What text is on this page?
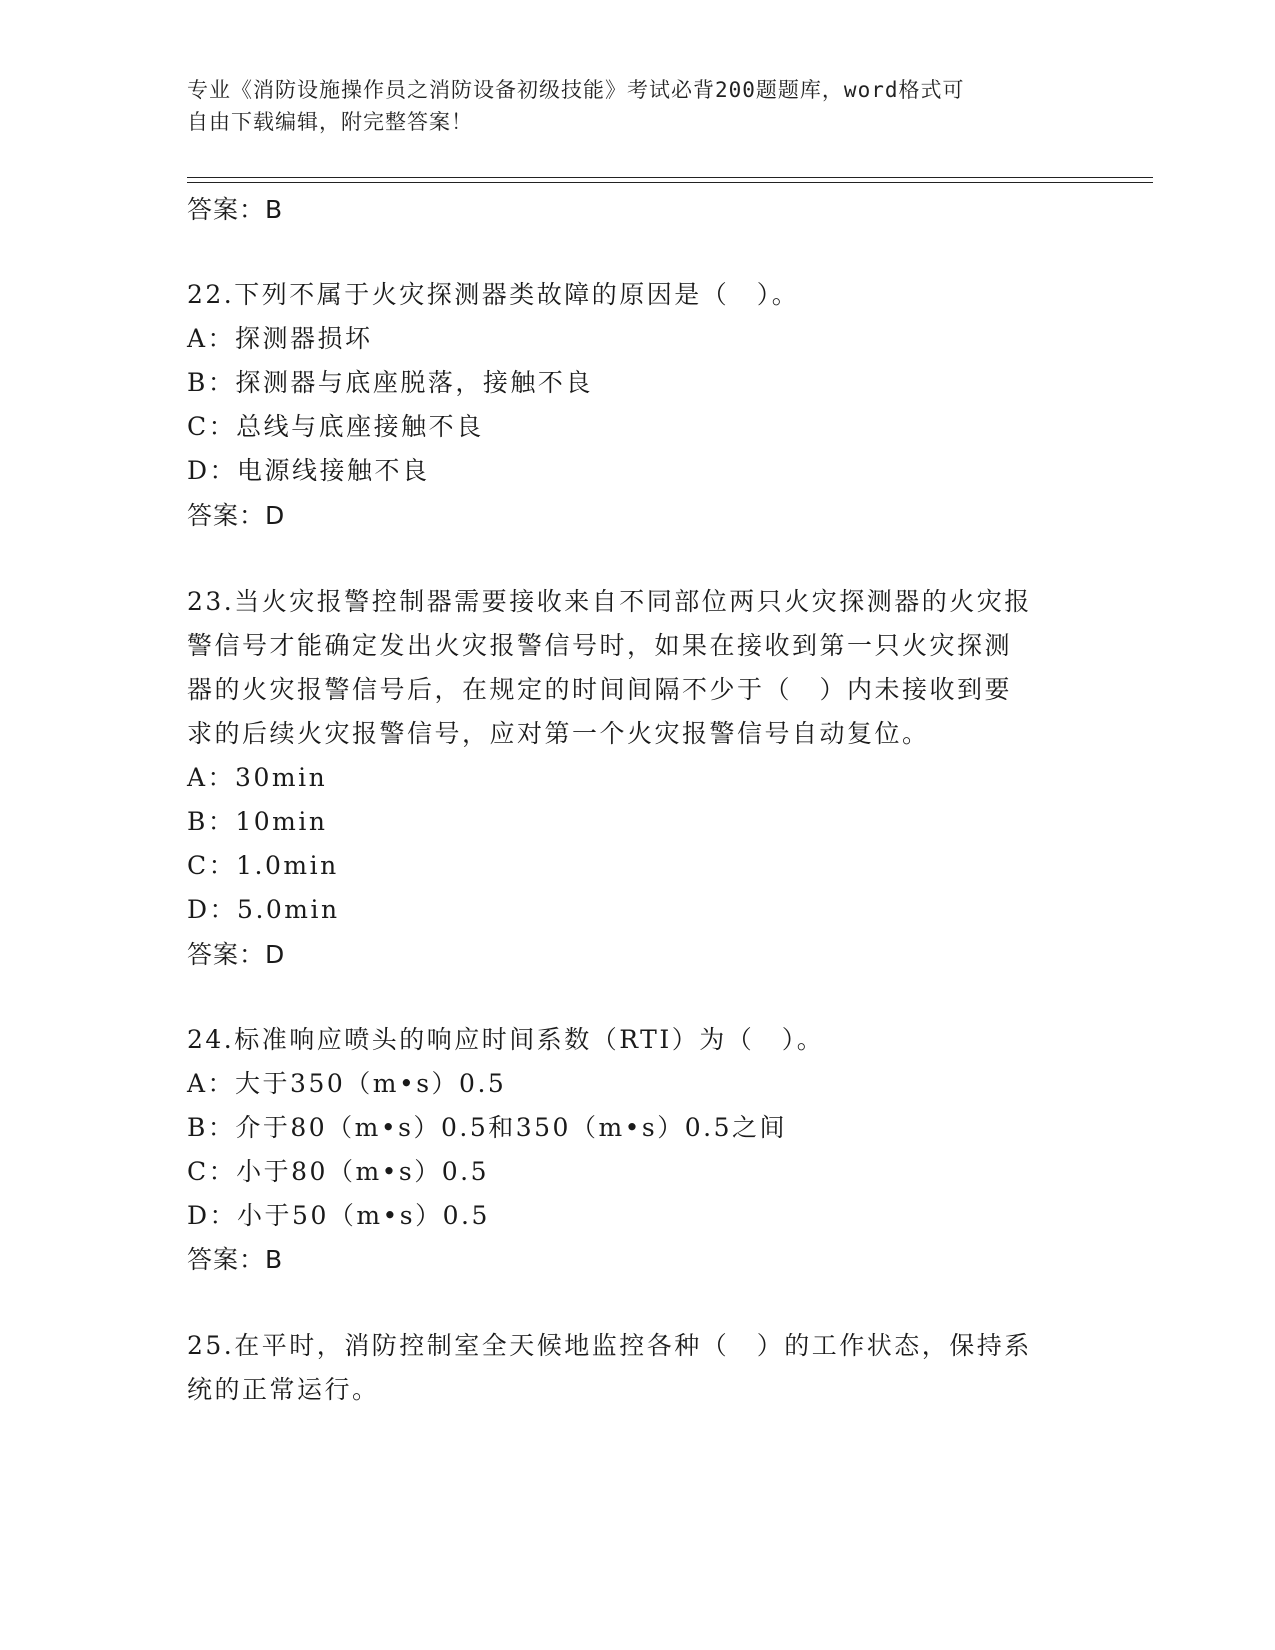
专业《消防设施操作员之消防设备初级技能》考试必背200题题库，word格式可
自由下载编辑，附完整答案！
答案：B
22.下列不属于火灾探测器类故障的原因是（　）。
A：探测器损坏
B：探测器与底座脱落，接触不良
C：总线与底座接触不良
D：电源线接触不良
答案：D
23.当火灾报警控制器需要接收来自不同部位两只火灾探测器的火灾报
警信号才能确定发出火灾报警信号时，如果在接收到第一只火灾探测
器的火灾报警信号后，在规定的时间间隔不少于（　）内未接收到要
求的后续火灾报警信号，应对第一个火灾报警信号自动复位。
A：30min
B：10min
C：1.0min
D：5.0min
答案：D
24.标准响应喷头的响应时间系数（RTI）为（　）。
A：大于350（m•s）0.5
B：介于80（m•s）0.5和350（m•s）0.5之间
C：小于80（m•s）0.5
D：小于50（m•s）0.5
答案：B
25.在平时，消防控制室全天候地监控各种（　）的工作状态，保持系
统的正常运行。
